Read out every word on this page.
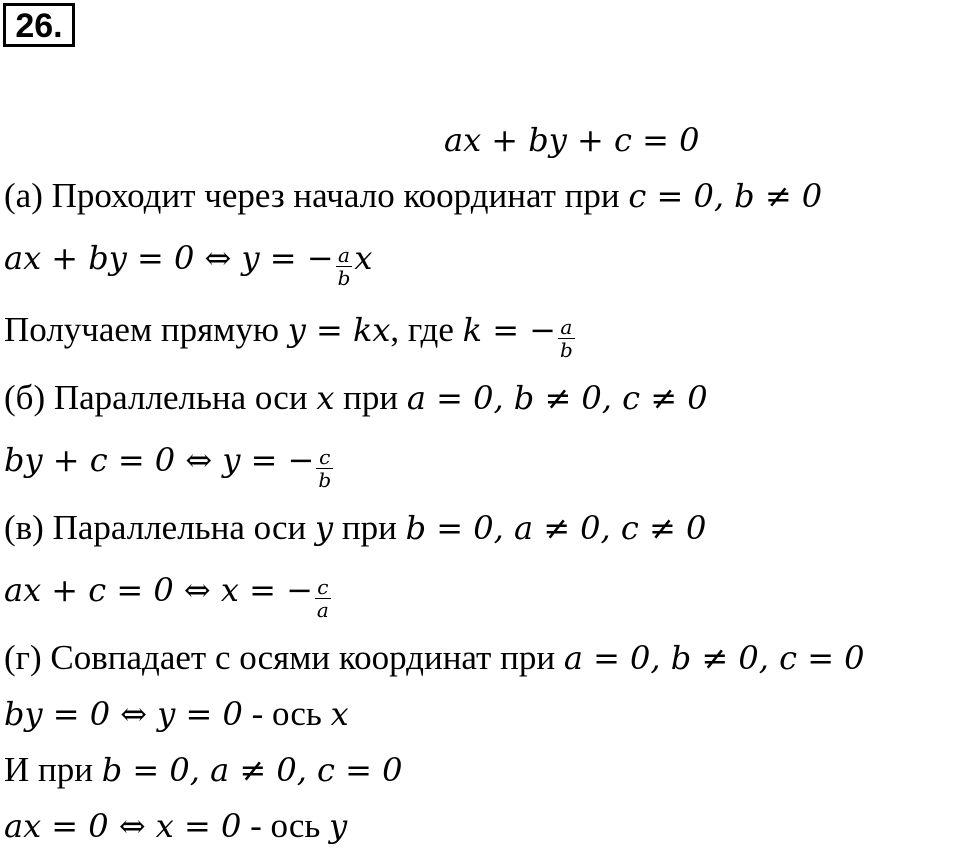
26.
ax + by + c = 0
(а) Проходит через начало координат при c = 0, b ≠ 0
ax + by = 0 ⇔ y = − $\frac{a}{b}$ x
Получаем прямую y = kx, где k = − $\frac{a}{b}$
(б) Параллельна оси x при a = 0, b ≠ 0, c ≠ 0
by + c = 0 ⇔ y = − $\frac{c}{b}$
(в) Параллельна оси y при b = 0, a ≠ 0, c ≠ 0
ax + c = 0 ⇔ x = − $\frac{c}{a}$
(г) Совпадает с осями координат при a = 0, b ≠ 0, c = 0
by = 0 ⇔ y = 0 - ось x
И при b = 0, a ≠ 0, c = 0
ax = 0 ⇔ x = 0 - ось y
